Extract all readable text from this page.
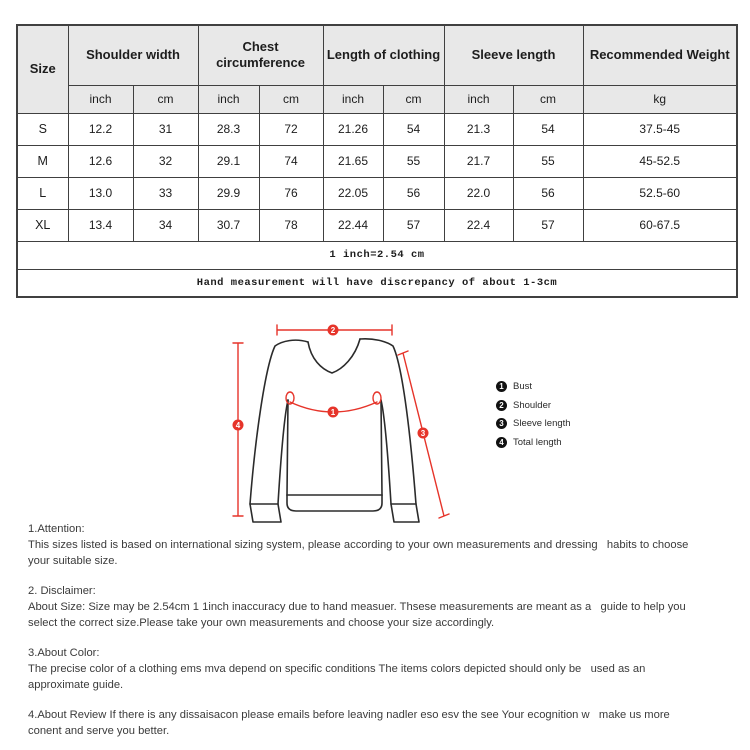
Size	Shoulder width		Chest circumference		Length of clothing		Sleeve length		Recommended Weight
	inch	cm	inch	cm	inch	cm	inch	cm	kg
S	12.2	31	28.3	72	21.26	54	21.3	54	37.5-45
M	12.6	32	29.1	74	21.65	55	21.7	55	45-52.5
L	13.0	33	29.9	76	22.05	56	22.0	56	52.5-60
XL	13.4	34	30.7	78	22.44	57	22.4	57	60-67.5
1 inch=2.54 cm									
Hand measurement will have discrepancy of about 1-3cm									
2
1
3
4
1 Bust
2 Shoulder
3 Sleeve length
4 Total length
1.Attention:
This sizes listed is based on international sizing system, please according to your own measurements and dressing   habits to choose
your suitable size.
2. Disclaimer:
About Size: Size may be 2.54cm 1 1inch inaccuracy due to hand measuer. Thsese measurements are meant as a   guide to help you
select the correct size.Please take your own measurements and choose your size accordingly.
3.About Color:
The precise color of a clothing ems mva depend on specific conditions The items colors depicted should only be   used as an
approximate guide.
4.About Review If there is any dissaisacon please emails before leaving nadler eso esv the see Your ecognition w   make us more
conent and serve you better.
